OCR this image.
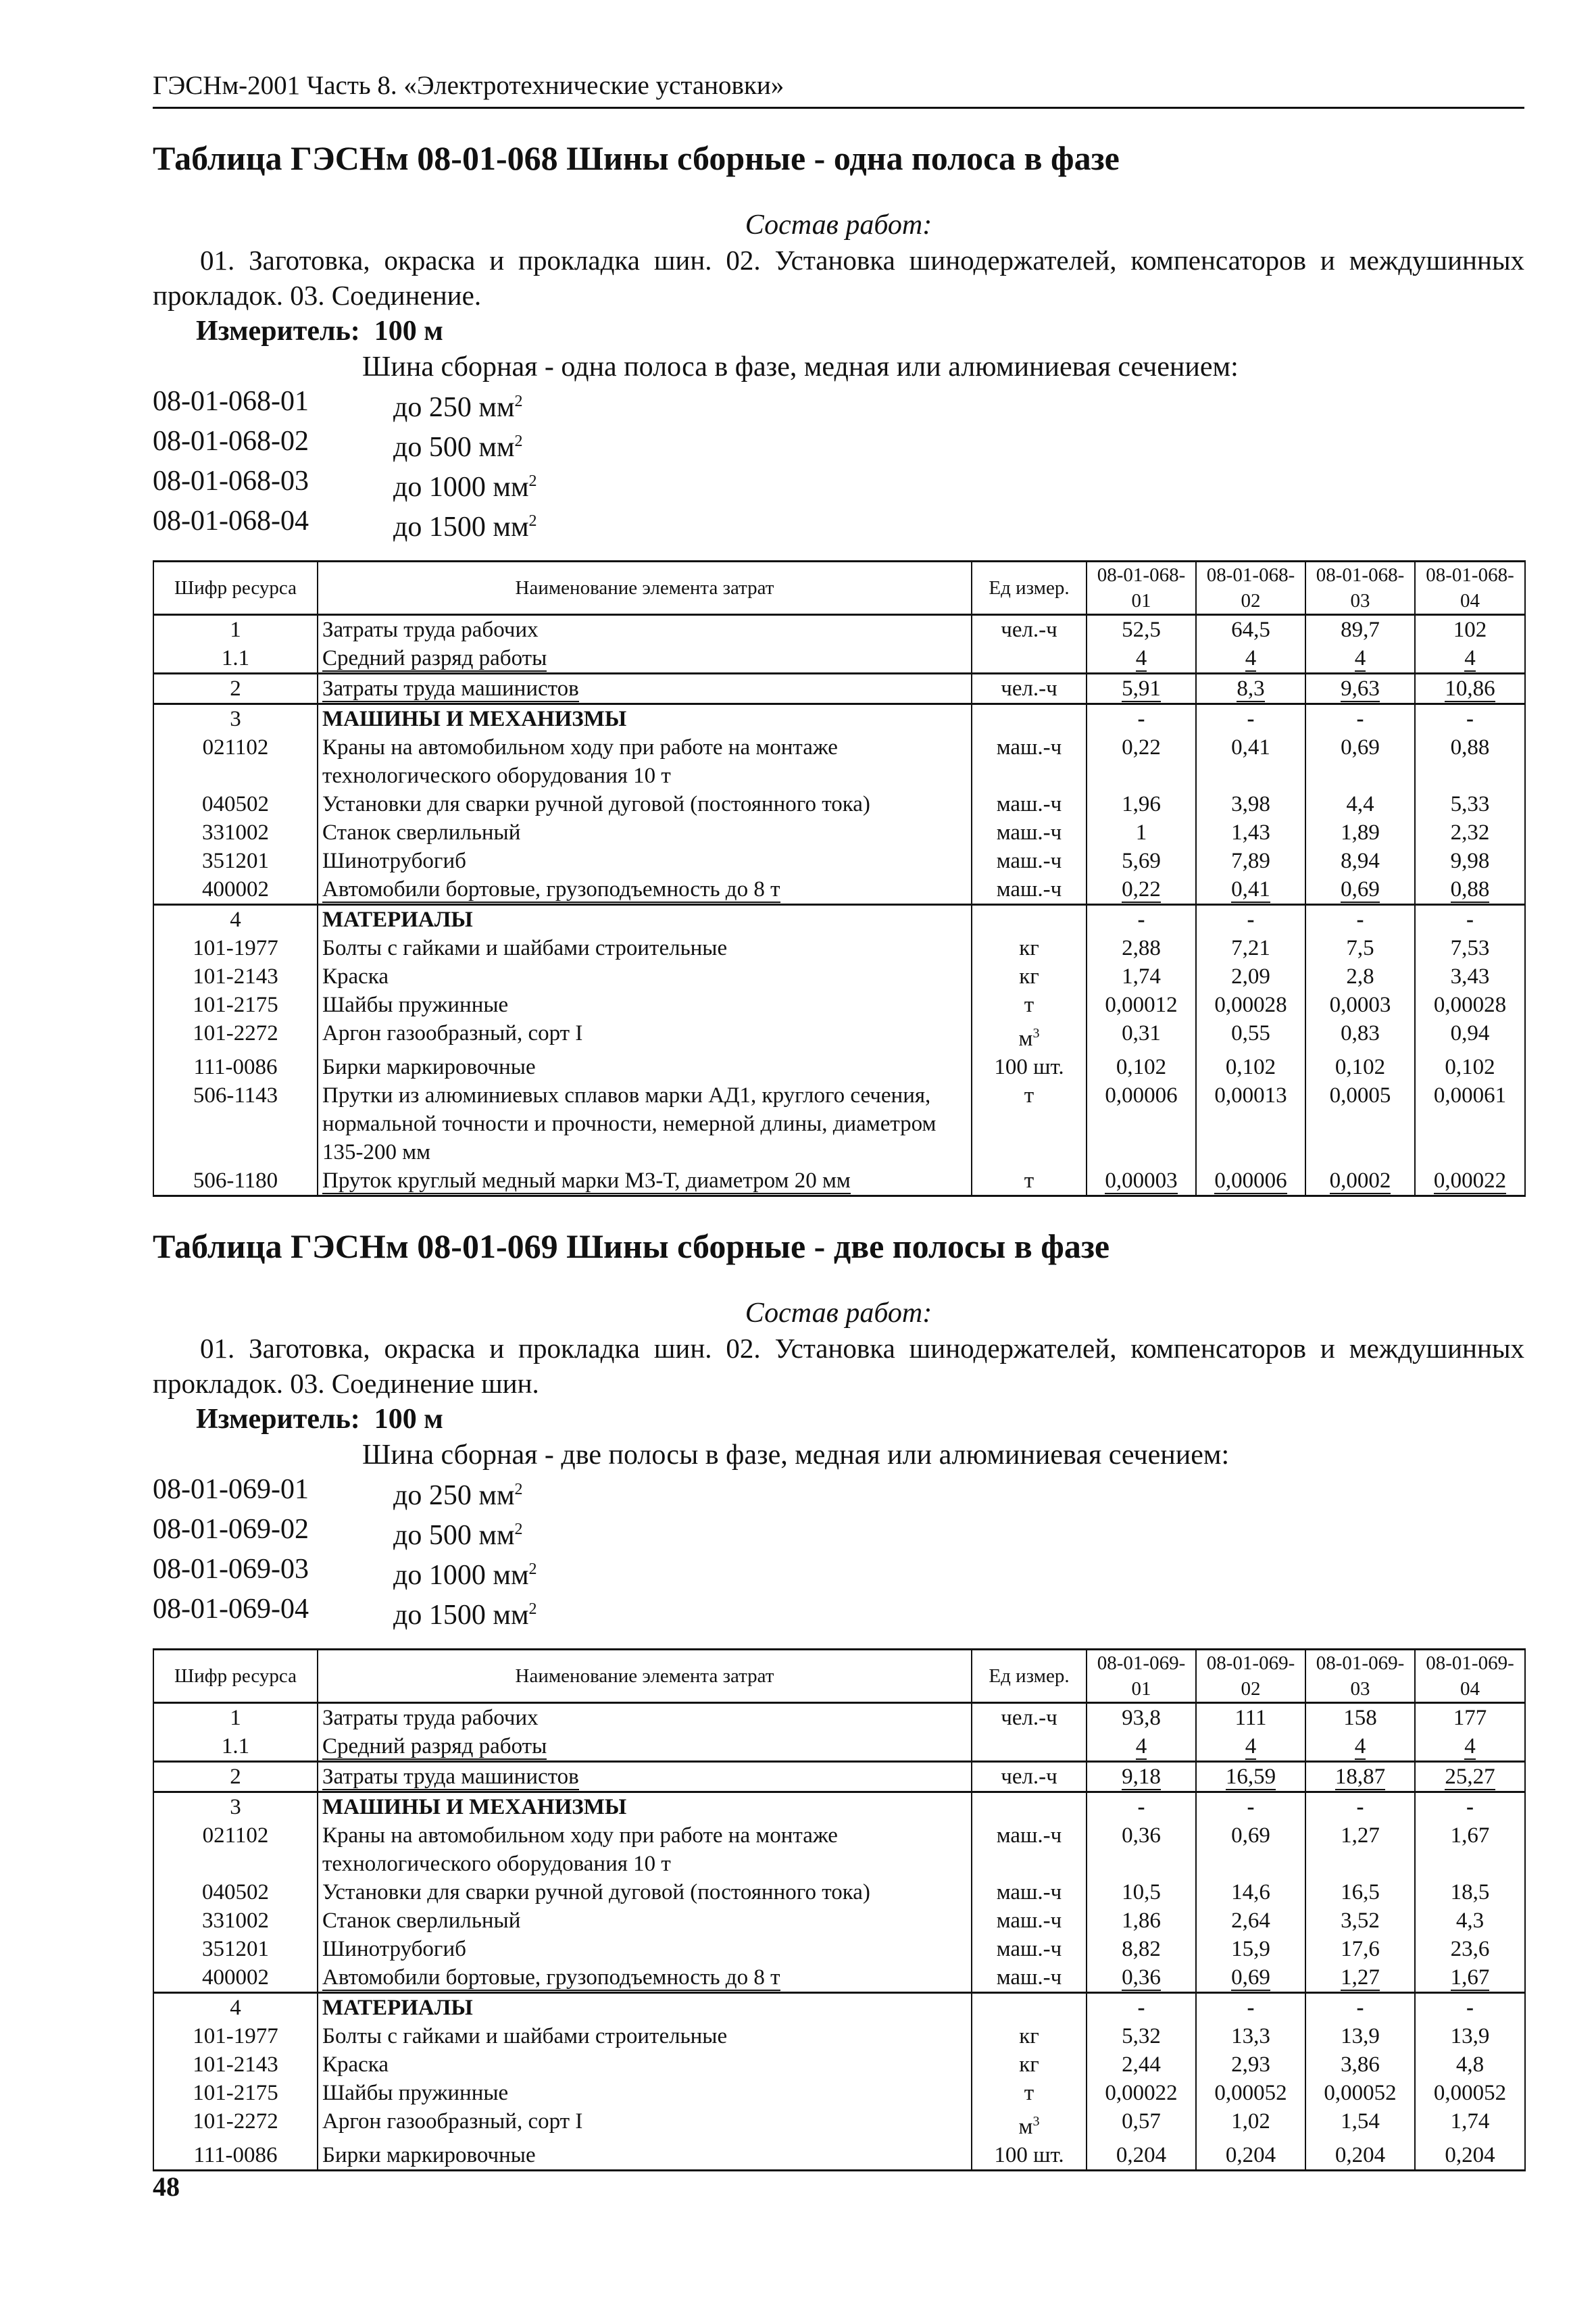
ГЭСНм-2001 Часть 8. «Электротехнические установки»
Таблица ГЭСНм 08-01-068 Шины сборные - одна полоса в фазе
Состав работ:
01. Заготовка, окраска и прокладка шин. 02. Установка шинодержателей, компенсаторов и междушинных прокладок. 03. Соединение.
Измеритель: 100 м
Шина сборная - одна полоса в фазе, медная или алюминиевая сечением:
08-01-068-01	до 250 $мм^2$
08-01-068-02	до 500 $мм^2$
08-01-068-03	до 1000 $мм^2$
08-01-068-04	до 1500 $мм^2$
Шифр ресурса	Наименование элемента затрат	Ед измер.	08-01-068-01	08-01-068-02	08-01-068-03	08-01-068-04
1	Затраты труда рабочих	чел.-ч	52,5	64,5	89,7	102
1.1	Средний разряд работы		4	4	4	4
2	Затраты труда машинистов	чел.-ч	5,91	8,3	9,63	10,86
3	МАШИНЫ И МЕХАНИЗМЫ		-	-	-	-
021102	Краны на автомобильном ходу при работе на монтаже технологического оборудования 10 т	маш.-ч	0,22	0,41	0,69	0,88
040502	Установки для сварки ручной дуговой (постоянного тока)	маш.-ч	1,96	3,98	4,4	5,33
331002	Станок сверлильный	маш.-ч	1	1,43	1,89	2,32
351201	Шинотрубогиб	маш.-ч	5,69	7,89	8,94	9,98
400002	Автомобили бортовые, грузоподъемность до 8 т	маш.-ч	0,22	0,41	0,69	0,88
4	МАТЕРИАЛЫ		-	-	-	-
101-1977	Болты с гайками и шайбами строительные	кг	2,88	7,21	7,5	7,53
101-2143	Краска	кг	1,74	2,09	2,8	3,43
101-2175	Шайбы пружинные	т	0,00012	0,00028	0,0003	0,00028
101-2272	Аргон газообразный, сорт I	$м^3$	0,31	0,55	0,83	0,94
111-0086	Бирки маркировочные	100 шт.	0,102	0,102	0,102	0,102
506-1143	Прутки из алюминиевых сплавов марки АД1, круглого сечения, нормальной точности и прочности, немерной длины, диаметром 135-200 мм	т	0,00006	0,00013	0,0005	0,00061
506-1180	Пруток круглый медный марки М3-Т, диаметром 20 мм	т	0,00003	0,00006	0,0002	0,00022
Таблица ГЭСНм 08-01-069 Шины сборные - две полосы в фазе
Состав работ:
01. Заготовка, окраска и прокладка шин. 02. Установка шинодержателей, компенсаторов и междушинных прокладок. 03. Соединение шин.
Измеритель: 100 м
Шина сборная - две полосы в фазе, медная или алюминиевая сечением:
08-01-069-01	до 250 $мм^2$
08-01-069-02	до 500 $мм^2$
08-01-069-03	до 1000 $мм^2$
08-01-069-04	до 1500 $мм^2$
Шифр ресурса	Наименование элемента затрат	Ед измер.	08-01-069-01	08-01-069-02	08-01-069-03	08-01-069-04
1	Затраты труда рабочих	чел.-ч	93,8	111	158	177
1.1	Средний разряд работы		4	4	4	4
2	Затраты труда машинистов	чел.-ч	9,18	16,59	18,87	25,27
3	МАШИНЫ И МЕХАНИЗМЫ		-	-	-	-
021102	Краны на автомобильном ходу при работе на монтаже технологического оборудования 10 т	маш.-ч	0,36	0,69	1,27	1,67
040502	Установки для сварки ручной дуговой (постоянного тока)	маш.-ч	10,5	14,6	16,5	18,5
331002	Станок сверлильный	маш.-ч	1,86	2,64	3,52	4,3
351201	Шинотрубогиб	маш.-ч	8,82	15,9	17,6	23,6
400002	Автомобили бортовые, грузоподъемность до 8 т	маш.-ч	0,36	0,69	1,27	1,67
4	МАТЕРИАЛЫ		-	-	-	-
101-1977	Болты с гайками и шайбами строительные	кг	5,32	13,3	13,9	13,9
101-2143	Краска	кг	2,44	2,93	3,86	4,8
101-2175	Шайбы пружинные	т	0,00022	0,00052	0,00052	0,00052
101-2272	Аргон газообразный, сорт I	$м^3$	0,57	1,02	1,54	1,74
111-0086	Бирки маркировочные	100 шт.	0,204	0,204	0,204	0,204
48
